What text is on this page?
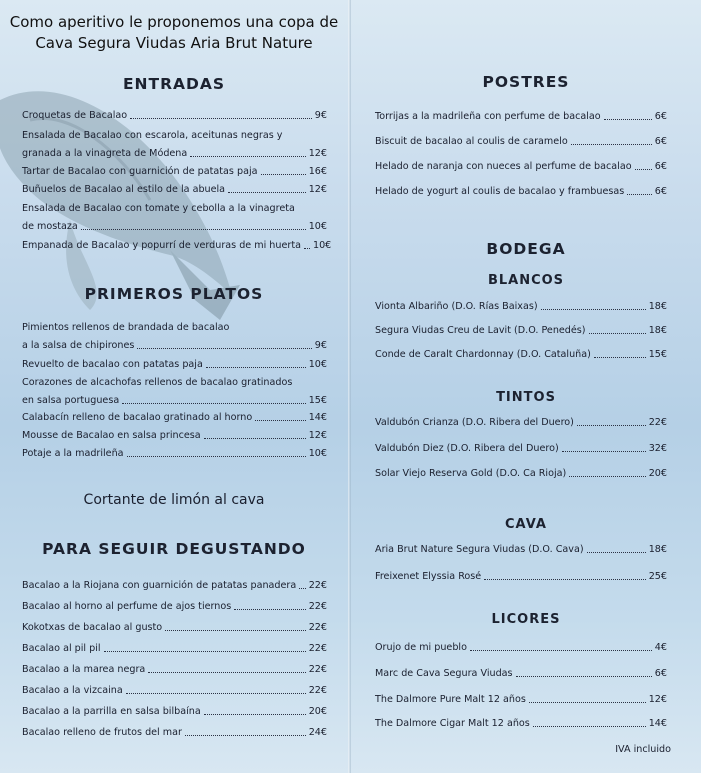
Como aperitivo le proponemos una copa de
Cava Segura Viudas Aria Brut Nature
ENTRADAS
Croquetas de Bacalao	9€
Ensalada de Bacalao con escarola, aceitunas negras y
granada a la vinagreta de Módena	12€
Tartar de Bacalao con guarnición de patatas paja	16€
Buñuelos de Bacalao al estilo de la abuela	12€
Ensalada de Bacalao con tomate y cebolla a la vinagreta
de mostaza	10€
Empanada de Bacalao y popurrí de verduras de mi huerta 10€
PRIMEROS PLATOS
Pimientos rellenos de brandada de bacalao
a la salsa de chipirones	9€
Revuelto de bacalao con patatas paja	10€
Corazones de alcachofas rellenos de bacalao gratinados
en salsa portuguesa	15€
Calabacín relleno de bacalao gratinado al horno	14€
Mousse de Bacalao en salsa princesa	12€
Potaje a la madrileña	10€
Cortante de limón al cava
PARA SEGUIR DEGUSTANDO
Bacalao a la Riojana con guarnición de patatas panadera 22€
Bacalao al horno al perfume de ajos tiernos	22€
Kokotxas de bacalao al gusto	22€
Bacalao al pil pil	22€
Bacalao a la marea negra	22€
Bacalao a la vizcaina	22€
Bacalao a la parrilla en salsa bilbaína	20€
Bacalao relleno de frutos del mar	24€
POSTRES
Torrijas a la madrileña con perfume de bacalao	6€
Biscuit de bacalao al coulis de caramelo	6€
Helado de naranja con nueces al perfume de bacalao 6€
Helado de yogurt al coulis de bacalao y frambuesas	6€
BODEGA
BLANCOS
Vionta Albariño (D.O. Rías Baixas)	18€
Segura Viudas Creu de Lavit (D.O. Penedés)	18€
Conde de Caralt Chardonnay (D.O. Cataluña)	15€
TINTOS
Valdubón Crianza (D.O. Ribera del Duero)	22€
Valdubón Diez (D.O. Ribera del Duero)	32€
Solar Viejo Reserva Gold (D.O. Ca Rioja)	20€
CAVA
Aria Brut Nature Segura Viudas (D.O. Cava)	18€
Freixenet Elyssia Rosé	25€
LICORES
Orujo de mi pueblo	4€
Marc de Cava Segura Viudas	6€
The Dalmore Pure Malt 12 años	12€
The Dalmore Cigar Malt 12 años	14€
IVA incluido
